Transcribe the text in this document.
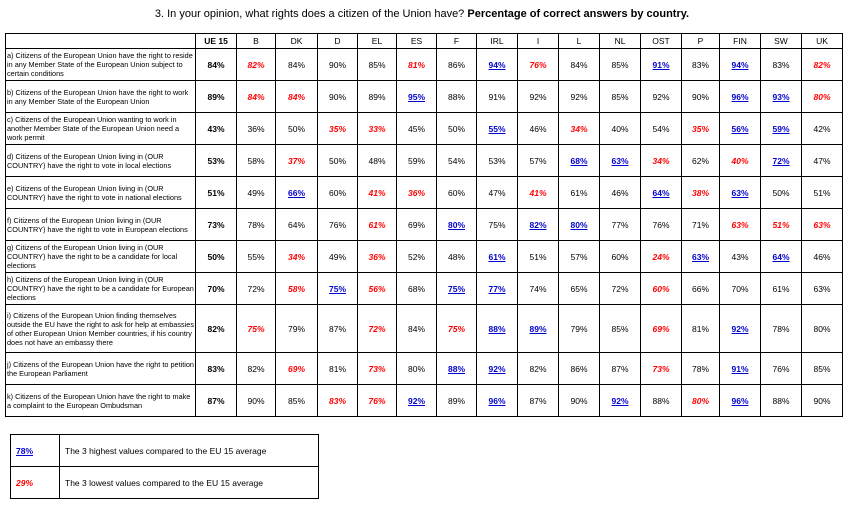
3. In your opinion, what rights does a citizen of the Union have? Percentage of correct answers by country.
	UE 15	B	DK	D	EL	ES	F	IRL	I	L	NL	OST	P	FIN	SW	UK
a) Citizens of the European Union have the right to reside in any Member State of the European Union subject to certain conditions	84%	82%	84%	90%	85%	81%	86%	94%	76%	84%	85%	91%	83%	94%	83%	82%
b) Citizens of the European Union have the right to work in any Member State of the European Union	89%	84%	84%	90%	89%	95%	88%	91%	92%	92%	85%	92%	90%	96%	93%	80%
c) Citizens of the European Union wanting to work in another Member State of the European Union need a work permit	43%	36%	50%	35%	33%	45%	50%	55%	46%	34%	40%	54%	35%	56%	59%	42%
d) Citizens of the European Union living in (OUR COUNTRY) have the right to vote in local elections	53%	58%	37%	50%	48%	59%	54%	53%	57%	68%	63%	34%	62%	40%	72%	47%
e) Citizens of the European Union living in (OUR COUNTRY) have the right to vote in national elections	51%	49%	66%	60%	41%	36%	60%	47%	41%	61%	46%	64%	38%	63%	50%	51%
f) Citizens of the European Union living in (OUR COUNTRY) have the right to vote in European elections	73%	78%	64%	76%	61%	69%	80%	75%	82%	80%	77%	76%	71%	63%	51%	63%
g) Citizens of the European Union living in (OUR COUNTRY) have the right to be a candidate for local elections	50%	55%	34%	49%	36%	52%	48%	61%	51%	57%	60%	24%	63%	43%	64%	46%
h) Citizens of the European Union living in (OUR COUNTRY) have the right to be a candidate for European elections	70%	72%	58%	75%	56%	68%	75%	77%	74%	65%	72%	60%	66%	70%	61%	63%
i) Citizens of the European Union finding themselves outside the EU have the right to ask for help at embassies of other European Union Member countries, if his country does not have an embassy there	82%	75%	79%	87%	72%	84%	75%	88%	89%	79%	85%	69%	81%	92%	78%	80%
j) Citizens of the European Union have the right to petition the European Parliament	83%	82%	69%	81%	73%	80%	88%	92%	82%	86%	87%	73%	78%	91%	76%	85%
k) Citizens of the European Union have the right to make a complaint to the European Ombudsman	87%	90%	85%	83%	76%	92%	89%	96%	87%	90%	92%	88%	80%	96%	88%	90%
78%	The 3 highest values compared to the EU 15 average
29%	The 3 lowest values compared to the EU 15 average
